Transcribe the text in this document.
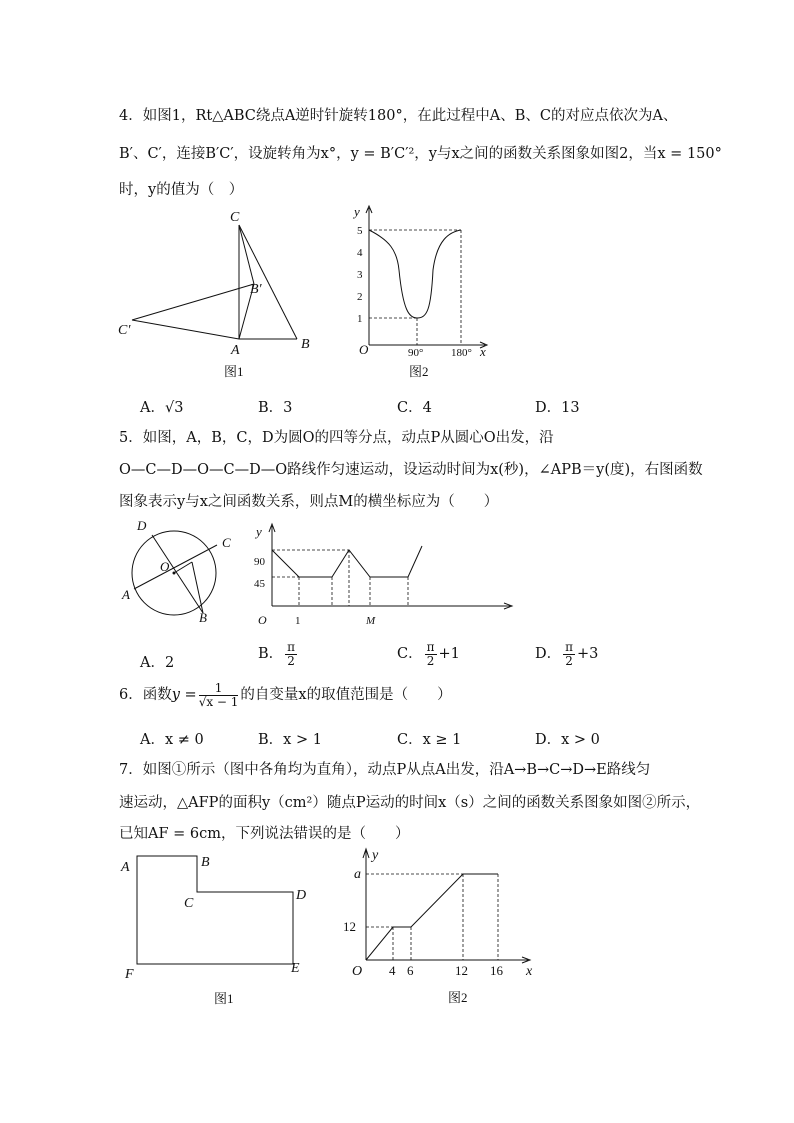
4．如图1，Rt△ABC绕点A逆时针旋转180°，在此过程中A、B、C的对应点依次为A、
B′、C′，连接B′C′，设旋转角为x°，y = B′C′²，y与x之间的函数关系图象如图2，当x = 150°
时，y的值为（　）
C
B′
C′
A	B
图1
y
5
4
3
2
1
O	90°	180° x
图2
A．√3	B．3	C．4	D．13
5．如图，A，B，C，D为圆O的四等分点，动点P从圆心O出发，沿
O—C—D—O—C—D—O路线作匀速运动，设运动时间为x(秒)，∠APB＝y(度)，右图函数
图象表示y与x之间函数关系，则点M的横坐标应为（　　）
D
C
O
A
B
y
90
45
O	1	M
A．2
B． $\frac{\pi}{2}$	C． $\frac{\pi}{2} +1$	D． $\frac{\pi}{2} +3$
6．函数$y = \frac{1}{√x - 1}$ 的自变量x的取值范围是（　　）
A．x ≠ 0	B．x > 1	C．x ≥ 1	D．x > 0
7．如图①所示（图中各角均为直角），动点P从点A出发，沿A→B→C→D→E路线匀
速运动，△AFP的面积y（cm²）随点P运动的时间x（s）之间的函数关系图象如图②所示，
已知AF = 6cm，下列说法错误的是（　　）
A	B
C
D
E
F
图1
y
a
12
O 4 6	12 16 x
图2
